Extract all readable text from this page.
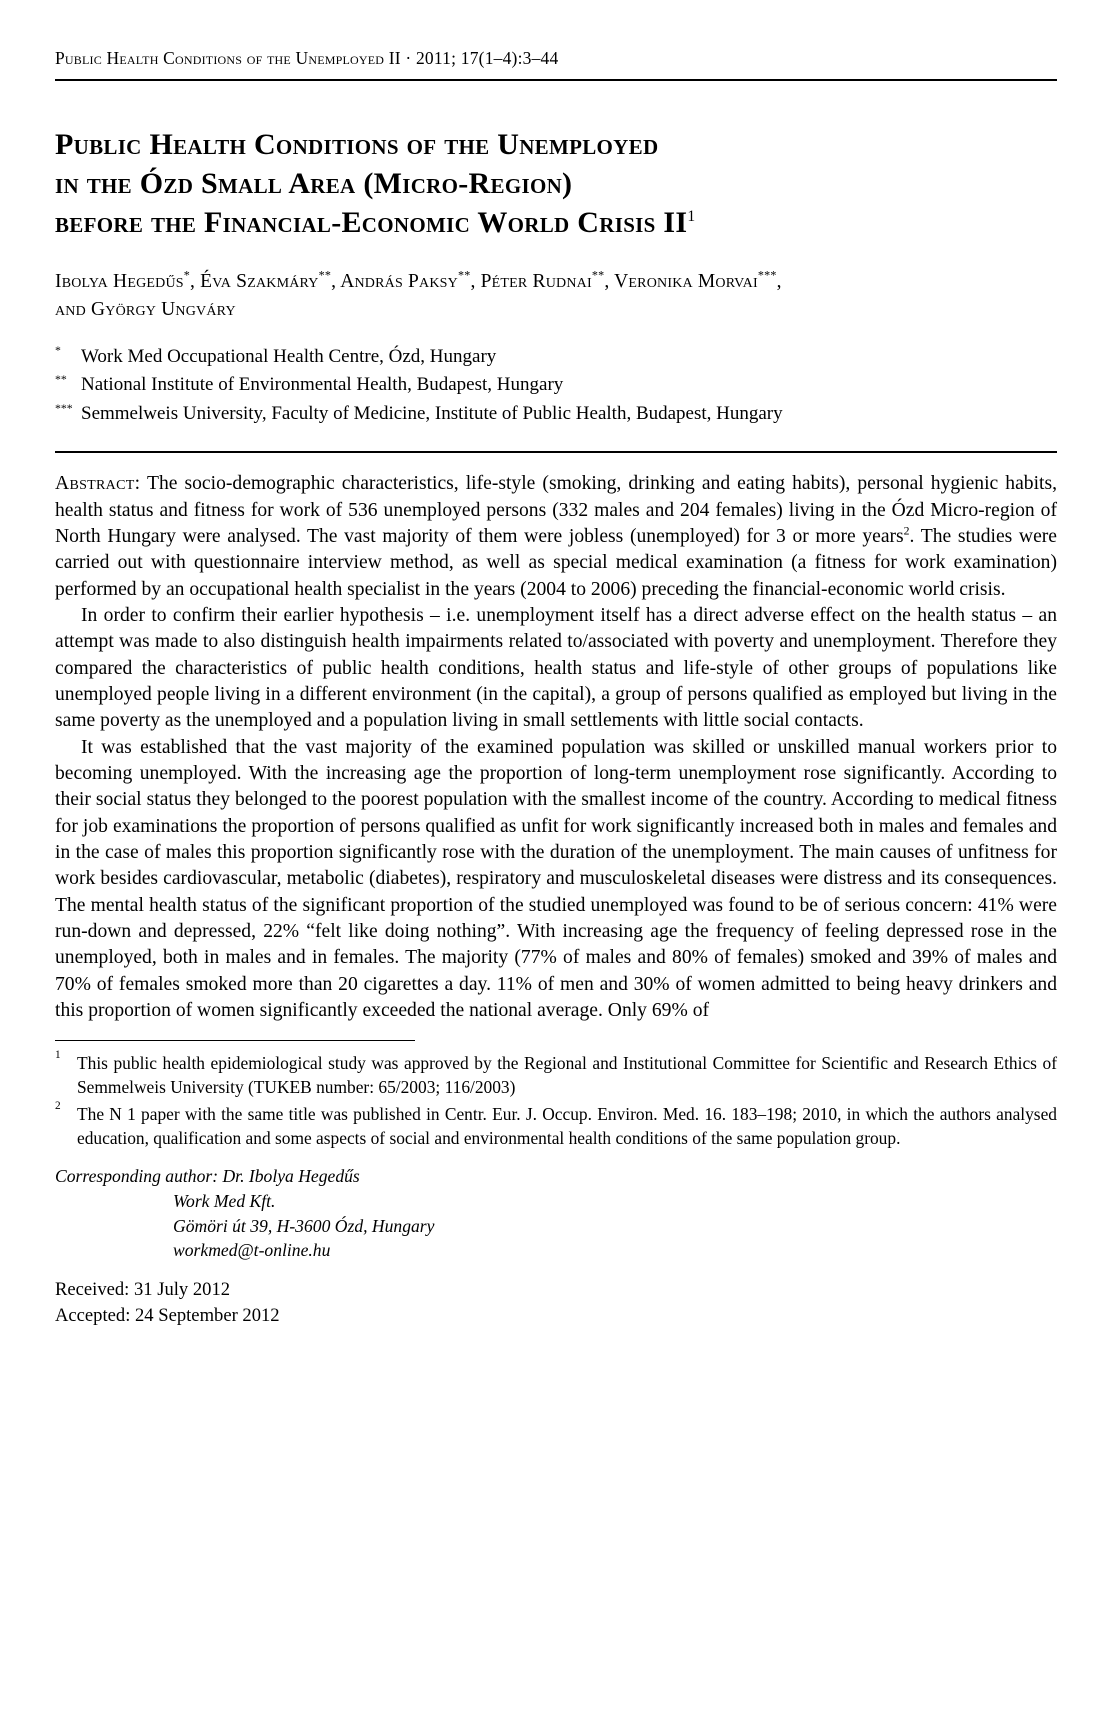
Public Health Conditions of the Unemployed II · 2011; 17(1–4):3–44
Public Health Conditions of the Unemployed
in the Ózd Small Area (Micro-Region)
before the Financial-Economic World Crisis $II^1$
Ibolya Hegedűs*, Éva Szakmáry**, András Paksy**, Péter Rudnai**, Veronika Morvai***,
and György Ungváry
* Work Med Occupational Health Centre, Ózd, Hungary
** National Institute of Environmental Health, Budapest, Hungary
*** Semmelweis University, Faculty of Medicine, Institute of Public Health, Budapest, Hungary

Abstract: The socio-demographic characteristics, life-style (smoking, drinking and eating habits), personal hygienic habits, health status and fitness for work of 536 unemployed persons (332 males and 204 females) living in the Ózd Micro-region of North Hungary were analysed. The vast majority of them were jobless (unemployed) for 3 or more years$^2$. The studies were carried out with questionnaire interview method, as well as special medical examination (a fitness for work examination) performed by an occupational health specialist in the years (2004 to 2006) preceding the financial-economic world crisis.

In order to confirm their earlier hypothesis – i.e. unemployment itself has a direct adverse effect on the health status – an attempt was made to also distinguish health impairments related to/associated with poverty and unemployment. Therefore they compared the characteristics of public health conditions, health status and life-style of other groups of populations like unemployed people living in a different environment (in the capital), a group of persons qualified as employed but living in the same poverty as the unemployed and a population living in small settlements with little social contacts.

It was established that the vast majority of the examined population was skilled or unskilled manual workers prior to becoming unemployed. With the increasing age the proportion of long-term unemployment rose significantly. According to their social status they belonged to the poorest population with the smallest income of the country. According to medical fitness for job examinations the proportion of persons qualified as unfit for work significantly increased both in males and females and in the case of males this proportion significantly rose with the duration of the unemployment. The main causes of unfitness for work besides cardiovascular, metabolic (diabetes), respiratory and musculoskeletal diseases were distress and its consequences. The mental health status of the significant proportion of the studied unemployed was found to be of serious concern: 41% were run-down and depressed, 22% “felt like doing nothing”. With increasing age the frequency of feeling depressed rose in the unemployed, both in males and in females. The majority (77% of males and 80% of females) smoked and 39% of males and 70% of females smoked more than 20 cigarettes a day. 11% of men and 30% of women admitted to being heavy drinkers and this proportion of women significantly exceeded the national average. Only 69% of

1 This public health epidemiological study was approved by the Regional and Institutional Committee for Scientific and Research Ethics of Semmelweis University (TUKEB number: 65/2003; 116/2003)
2 The N 1 paper with the same title was published in Centr. Eur. J. Occup. Environ. Med. 16. 183–198; 2010, in which the authors analysed education, qualification and some aspects of social and environmental health conditions of the same population group.
Corresponding author: Dr. Ibolya Hegedűs
Work Med Kft.
Gömöri út 39, H-3600 Ózd, Hungary
workmed@t-online.hu
Received: 31 July 2012
Accepted: 24 September 2012
